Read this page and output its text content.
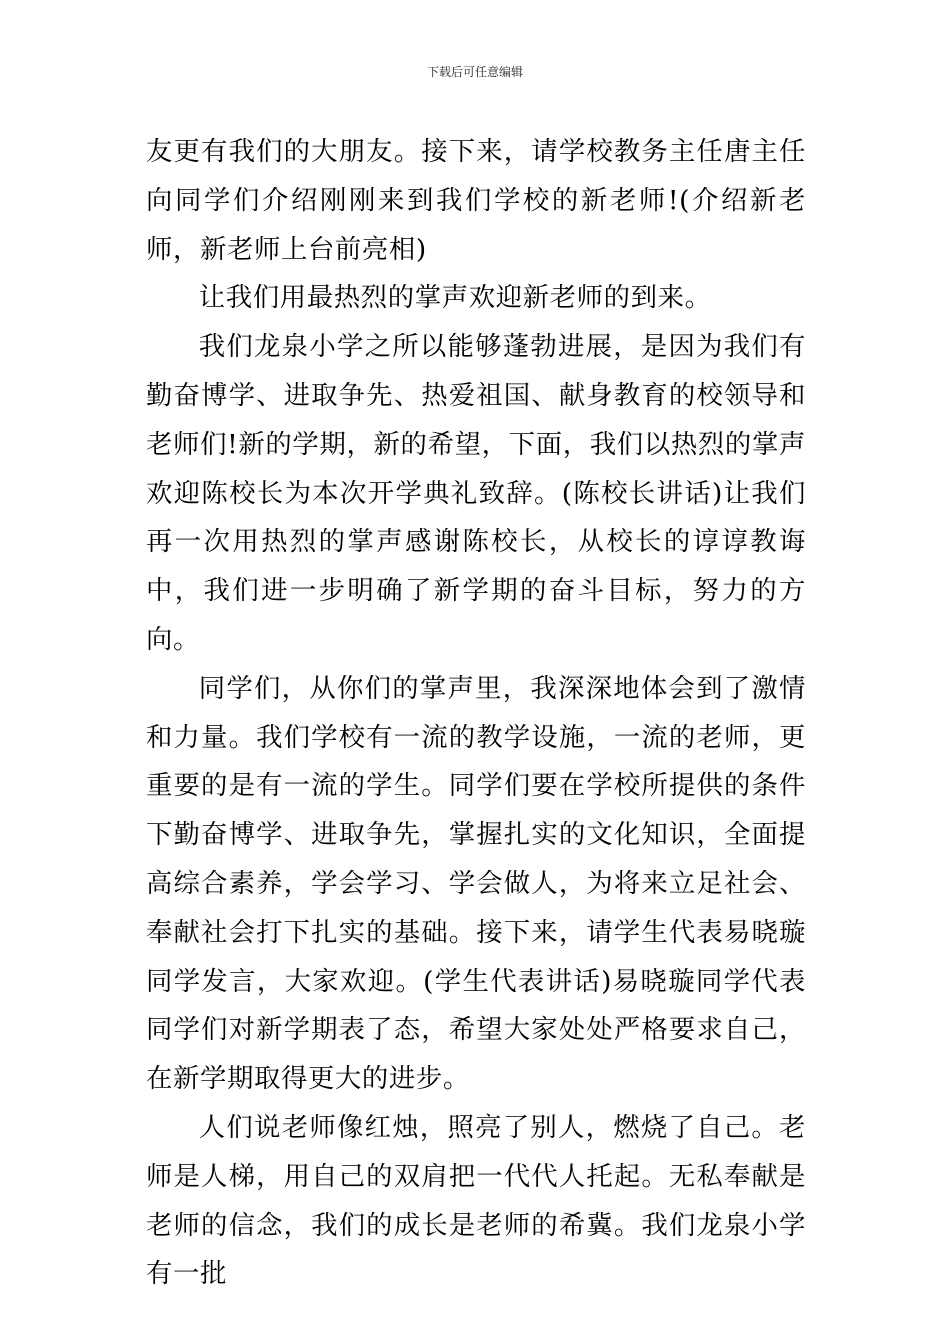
下载后可任意编辑

友更有我们的大朋友。接下来，请学校教务主任唐主任向同学们介绍刚刚来到我们学校的新老师!(介绍新老师，新老师上台前亮相)

让我们用最热烈的掌声欢迎新老师的到来。

我们龙泉小学之所以能够蓬勃进展，是因为我们有勤奋博学、进取争先、热爱祖国、献身教育的校领导和老师们!新的学期，新的希望，下面，我们以热烈的掌声欢迎陈校长为本次开学典礼致辞。(陈校长讲话)让我们再一次用热烈的掌声感谢陈校长，从校长的谆谆教诲中，我们进一步明确了新学期的奋斗目标，努力的方向。

同学们，从你们的掌声里，我深深地体会到了激情和力量。我们学校有一流的教学设施，一流的老师，更重要的是有一流的学生。同学们要在学校所提供的条件下勤奋博学、进取争先，掌握扎实的文化知识，全面提高综合素养，学会学习、学会做人，为将来立足社会、奉献社会打下扎实的基础。接下来，请学生代表易晓璇同学发言，大家欢迎。(学生代表讲话)易晓璇同学代表同学们对新学期表了态，希望大家处处严格要求自己，在新学期取得更大的进步。

人们说老师像红烛，照亮了别人，燃烧了自己。老师是人梯，用自己的双肩把一代代人托起。无私奉献是老师的信念，我们的成长是老师的希冀。我们龙泉小学有一批
